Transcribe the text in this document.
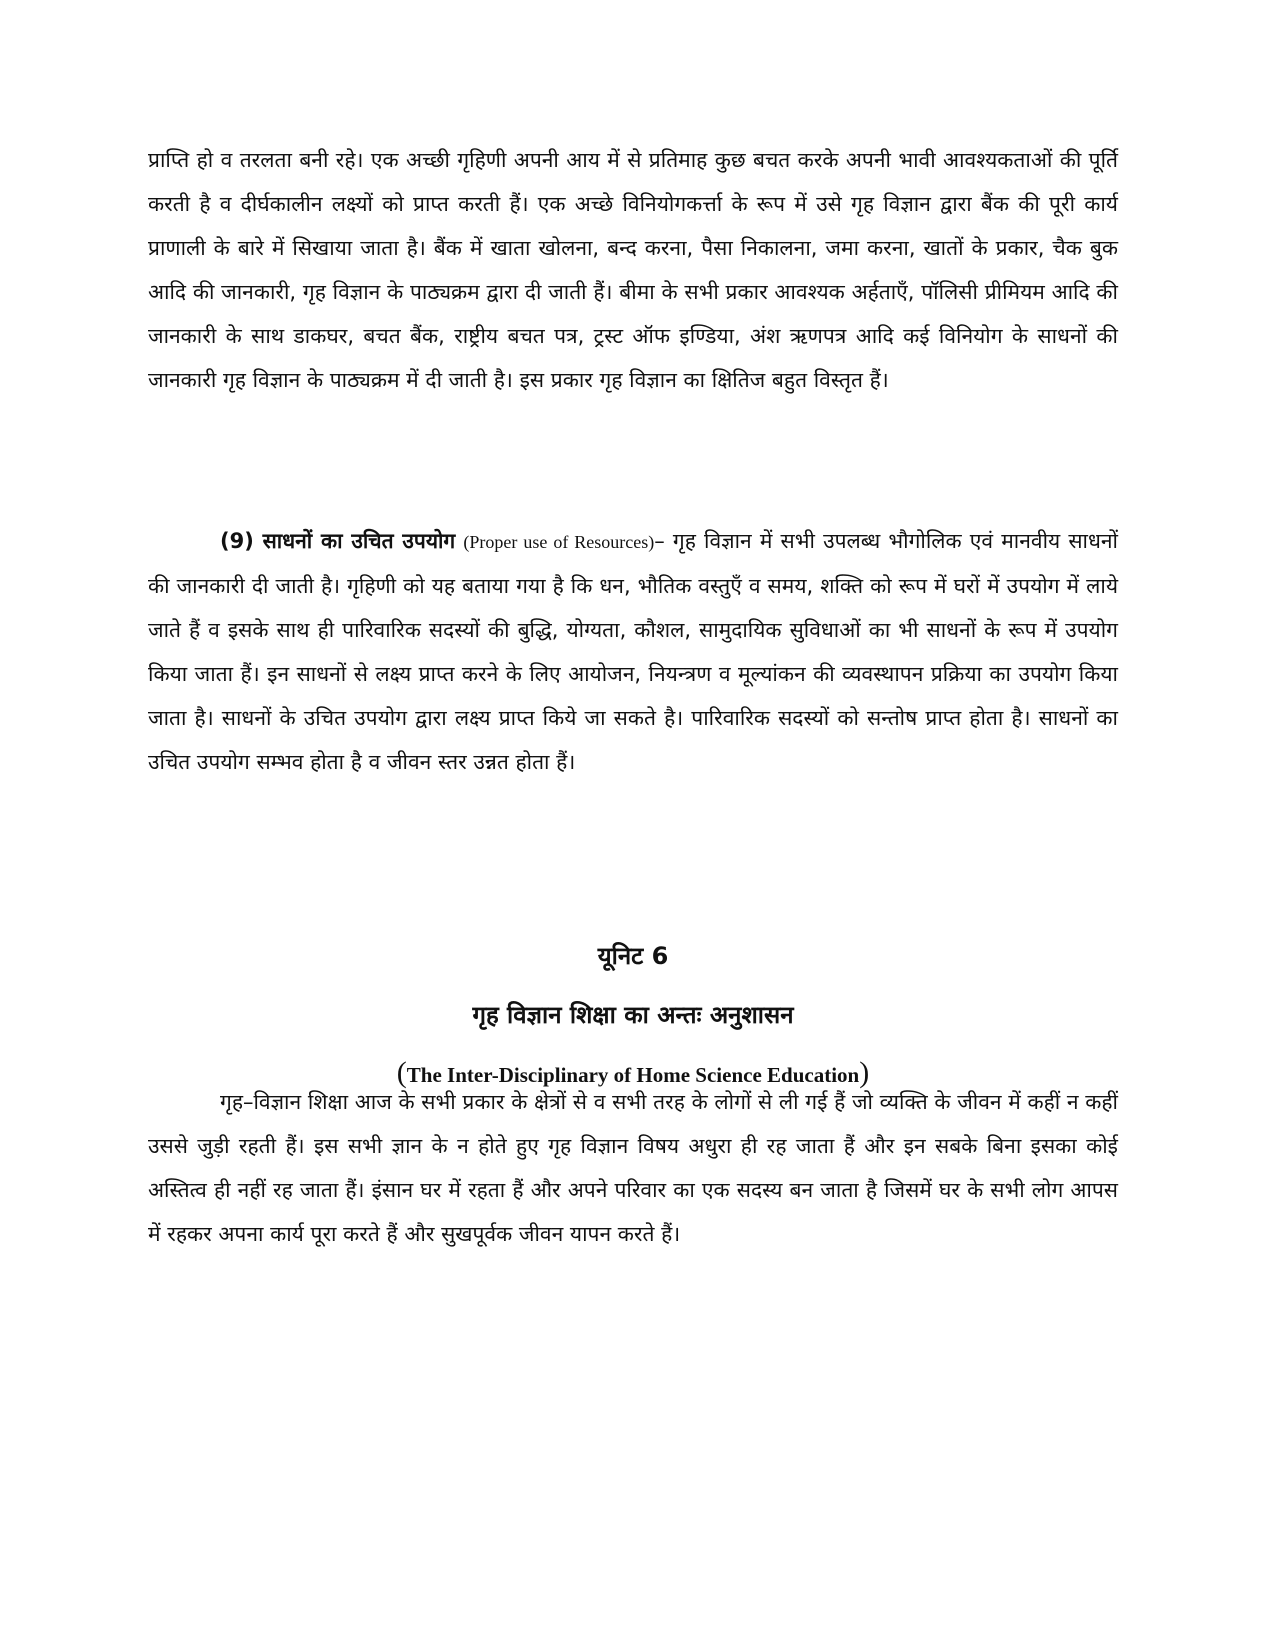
प्राप्ति हो व तरलता बनी रहे। एक अच्छी गृहिणी अपनी आय में से प्रतिमाह कुछ बचत करके अपनी भावी आवश्यकताओं की पूर्ति करती है व दीर्घकालीन लक्ष्यों को प्राप्त करती हैं। एक अच्छे विनियोगकर्त्ता के रूप में उसे गृह विज्ञान द्वारा बैंक की पूरी कार्य प्राणाली के बारे में सिखाया जाता है। बैंक में खाता खोलना, बन्द करना, पैसा निकालना, जमा करना, खातों के प्रकार, चैक बुक आदि की जानकारी, गृह विज्ञान के पाठ्यक्रम द्वारा दी जाती हैं। बीमा के सभी प्रकार आवश्यक अर्हताएँ, पॉलिसी प्रीमियम आदि की जानकारी के साथ डाकघर, बचत बैंक, राष्ट्रीय बचत पत्र, ट्रस्ट ऑफ इण्डिया, अंश ऋणपत्र आदि कई विनियोग के साधनों की जानकारी गृह विज्ञान के पाठ्यक्रम में दी जाती है। इस प्रकार गृह विज्ञान का क्षितिज बहुत विस्तृत हैं।

(9) साधनों का उचित उपयोग (Proper use of Resources)– गृह विज्ञान में सभी उपलब्ध भौगोलिक एवं मानवीय साधनों की जानकारी दी जाती है। गृहिणी को यह बताया गया है कि धन, भौतिक वस्तुएँ व समय, शक्ति को रूप में घरों में उपयोग में लाये जाते हैं व इसके साथ ही पारिवारिक सदस्यों की बुद्धि, योग्यता, कौशल, सामुदायिक सुविधाओं का भी साधनों के रूप में उपयोग किया जाता हैं। इन साधनों से लक्ष्य प्राप्त करने के लिए आयोजन, नियन्त्रण व मूल्यांकन की व्यवस्थापन प्रक्रिया का उपयोग किया जाता है। साधनों के उचित उपयोग द्वारा लक्ष्य प्राप्त किये जा सकते है। पारिवारिक सदस्यों को सन्तोष प्राप्त होता है। साधनों का उचित उपयोग सम्भव होता है व जीवन स्तर उन्नत होता हैं।

यूनिट 6
गृह विज्ञान शिक्षा का अन्तः अनुशासन
(The Inter-Disciplinary of Home Science Education)

गृह–विज्ञान शिक्षा आज के सभी प्रकार के क्षेत्रों से व सभी तरह के लोगों से ली गई हैं जो व्यक्ति के जीवन में कहीं न कहीं उससे जुड़ी रहती हैं। इस सभी ज्ञान के न होते हुए गृह विज्ञान विषय अधुरा ही रह जाता हैं और इन सबके बिना इसका कोई अस्तित्व ही नहीं रह जाता हैं। इंसान घर में रहता हैं और अपने परिवार का एक सदस्य बन जाता है जिसमें घर के सभी लोग आपस में रहकर अपना कार्य पूरा करते हैं और सुखपूर्वक जीवन यापन करते हैं।
